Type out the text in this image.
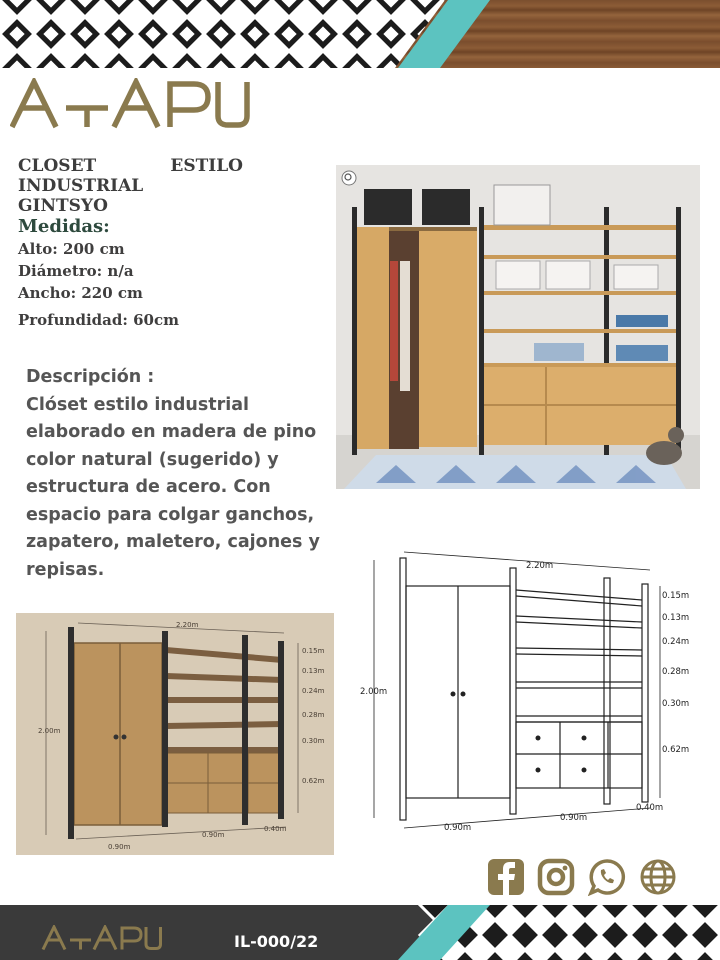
CLOSET	ESTILO
INDUSTRIAL
GINTSYO
Medidas:
Alto: 200 cm
Diámetro: n/a
Ancho: 220 cm
Profundidad: 60cm
Descripción :
Clóset estilo industrial
elaborado en madera de pino
color natural (sugerido) y
estructura de acero. Con
espacio para colgar ganchos,
zapatero, maletero, cajones y
repisas.
2.20m
2.00m
0.15m
0.13m
0.24m
0.28m
0.30m
0.62m
0.90m
0.90m
0.40m
2.20m
2.00m
0.15m
0.13m
0.24m
0.28m
0.30m
0.62m
0.90m
0.90m
0.40m
IL-000/22
